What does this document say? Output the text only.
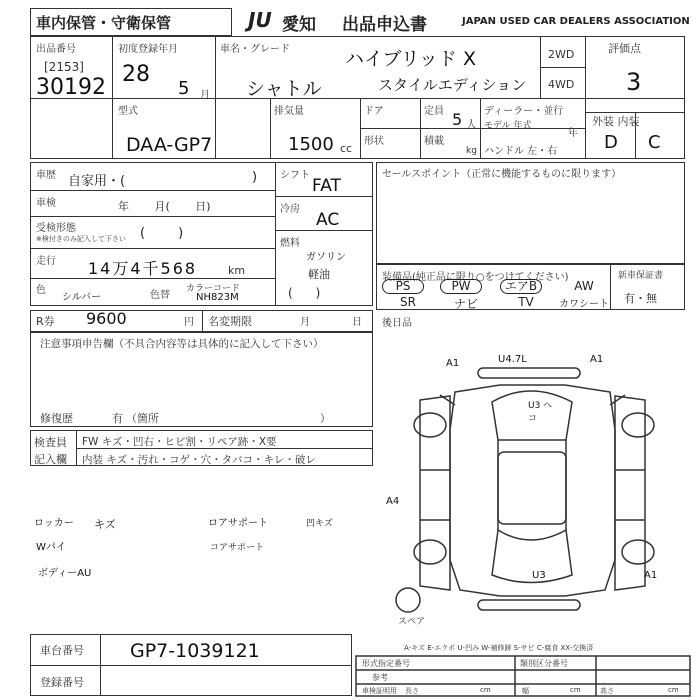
車内保管・守衛保管	JU 愛知 出品申込書	JAPAN USED CAR DEALERS ASSOCIATION
出品番号
[2153]
30192
初度登録年月
28
5 月
車名・グレード	ハイブリッド X
スタイルエディション
シャトル
2WD
4WD
評価点
3
型式
DAA-GP7
排気量
1500 cc
ドア
形状
定員 5 人
積載
kg
ディーラー・並行
モデル 年式
年
ハンドル 左・右
外装 内装
D C
車歴 自家用・(	)
車検	年 月( 日)
受検形態
※検付きのみ記入して下さい (        )
走行 14万4千568	km
色
シルバー	色替
カラーコード
NH823M
シフト
FAT
冷房
AC
燃料
ガソリン
軽油
(      )
セールスポイント（正常に機能するものに限ります）
装備品(純正品に限り○をつけてください)
PS	PW	エアB	AW
SR	ナビ	TV	カワシート
新車保証書
有・無
R券 9600	円 名変期限	月	日 後日品
注意事項申告欄（不具合内容等は具体的に記入して下さい）
修復歴	有 （箇所                                              ）
検査員
記入欄
FW キズ・凹右・ヒビ割・リペア跡・X要
内装 キズ・汚れ・コゲ・穴・タバコ・キレ・破レ
ロッカー キズ
Wパイ
ボディーAU
ロアサポート	凹キズ
コアサポート
U4.7L
A1	A1
U3 ヘコ
A4
U3	A1
スペア
A-キズ E-エクボ U-凹み W-補修跡 S-サビ C-腐食 XX-交換済
車台番号 GP7-1039121
登録番号
形式指定番号	類別区分番号
参考
車検証明用 長さ	cm	幅	cm	高さ	cm
